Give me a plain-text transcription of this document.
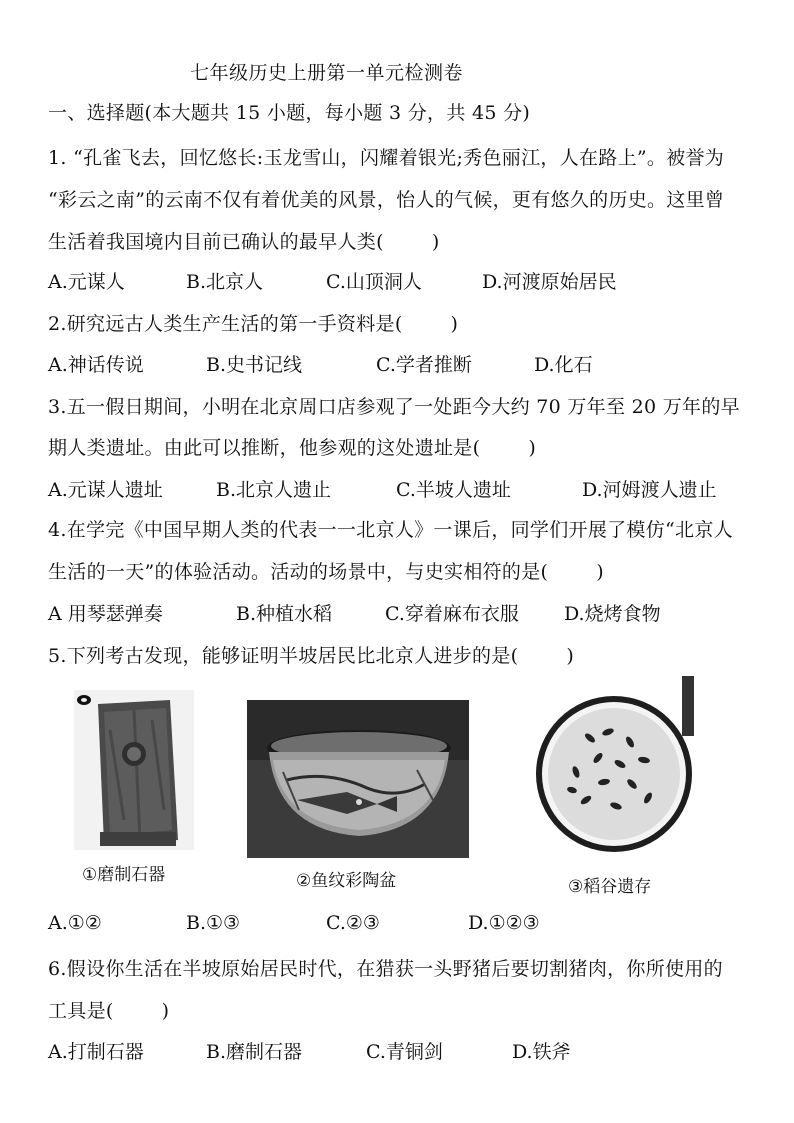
七年级历史上册第一单元检测卷
一、选择题(本大题共 15 小题，每小题 3 分，共 45 分)
1. “孔雀飞去，回忆悠长:玉龙雪山，闪耀着银光;秀色丽江，人在路上”。被誉为
“彩云之南”的云南不仅有着优美的风景，怡人的气候，更有悠久的历史。这里曾
生活着我国境内目前已确认的最早人类(	)
A.元谋人	B.北京人	C.山顶洞人	D.河渡原始居民
2.研究远古人类生产生活的第一手资料是(	)
A.神话传说	B.史书记线	C.学者推断	D.化石
3.五一假日期间，小明在北京周口店参观了一处距今大约 70 万年至 20 万年的早
期人类遗址。由此可以推断，他参观的这处遗址是(	)
A.元谋人遗址	B.北京人遗止	C.半坡人遗址	D.河姆渡人遗止
4.在学完《中国早期人类的代表一一北京人》一课后，同学们开展了模仿“北京人
生活的一天”的体验活动。活动的场景中，与史实相符的是(	)
A 用琴瑟弹奏	B.种植水稻	C.穿着麻布衣服 D.烧烤食物
5.下列考古发现，能够证明半坡居民比北京人进步的是(	)
①磨制石器	②鱼纹彩陶盆	③稻谷遗存
A.①②	B.①③	C.②③	D.①②③
6.假设你生活在半坡原始居民时代，在猎获一头野猪后要切割猪肉，你所使用的
工具是(	)
A.打制石器	B.磨制石器	C.青铜剑	D.铁斧
